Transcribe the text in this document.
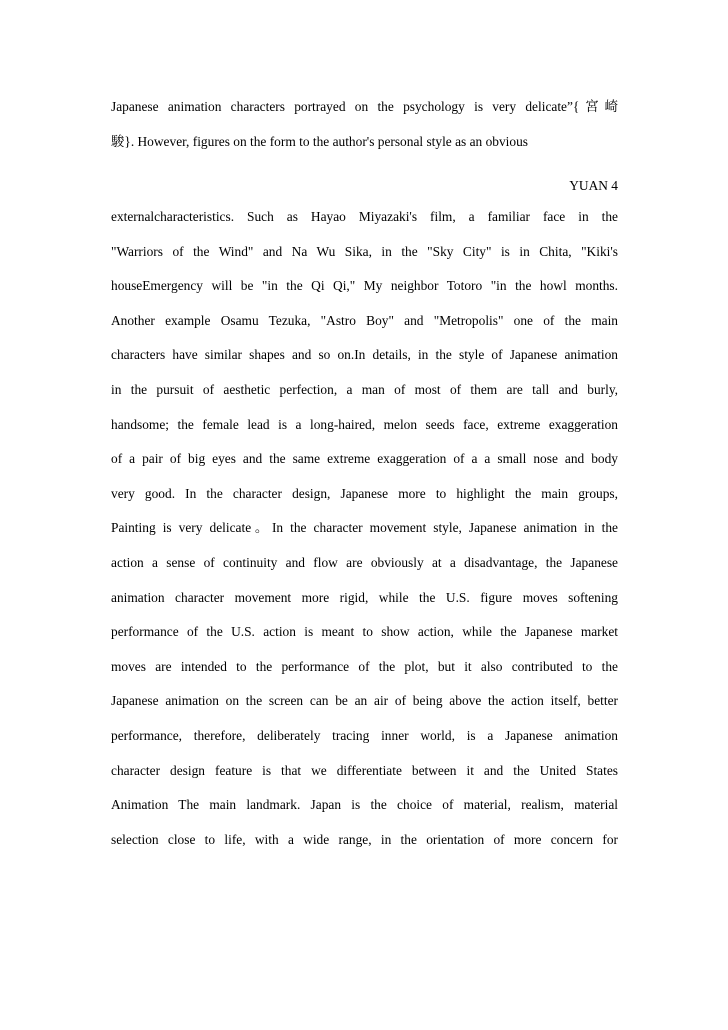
Japanese animation characters portrayed on the psychology is very delicate”{宮崎
駿}. However, figures on the form to the author's personal style as an obvious
YUAN 4
externalcharacteristics. Such as Hayao Miyazaki's film, a familiar face in the
"Warriors of the Wind" and Na Wu Sika, in the "Sky City" is in Chita, "Kiki's
houseEmergency will be "in the Qi Qi," My neighbor Totoro "in the howl months.
Another example Osamu Tezuka, "Astro Boy" and "Metropolis" one of the main
characters have similar shapes and so on.In details, in the style of Japanese animation
in the pursuit of aesthetic perfection, a man of most of them are tall and burly,
handsome; the female lead is a long-haired, melon seeds face, extreme exaggeration
of a pair of big eyes and the same extreme exaggeration of a a small nose and body
very good. In the character design, Japanese more to highlight the main groups,
Painting is very delicate。In the character movement style, Japanese animation in the
action a sense of continuity and flow are obviously at a disadvantage, the Japanese
animation character movement more rigid, while the U.S. figure moves softening
performance of the U.S. action is meant to show action, while the Japanese market
moves are intended to the performance of the plot, but it also contributed to the
Japanese animation on the screen can be an air of being above the action itself, better
performance, therefore, deliberately tracing inner world, is a Japanese animation
character design feature is that we differentiate between it and the United States
Animation The main landmark. Japan is the choice of material, realism, material
selection close to life, with a wide range, in the orientation of more concern for
